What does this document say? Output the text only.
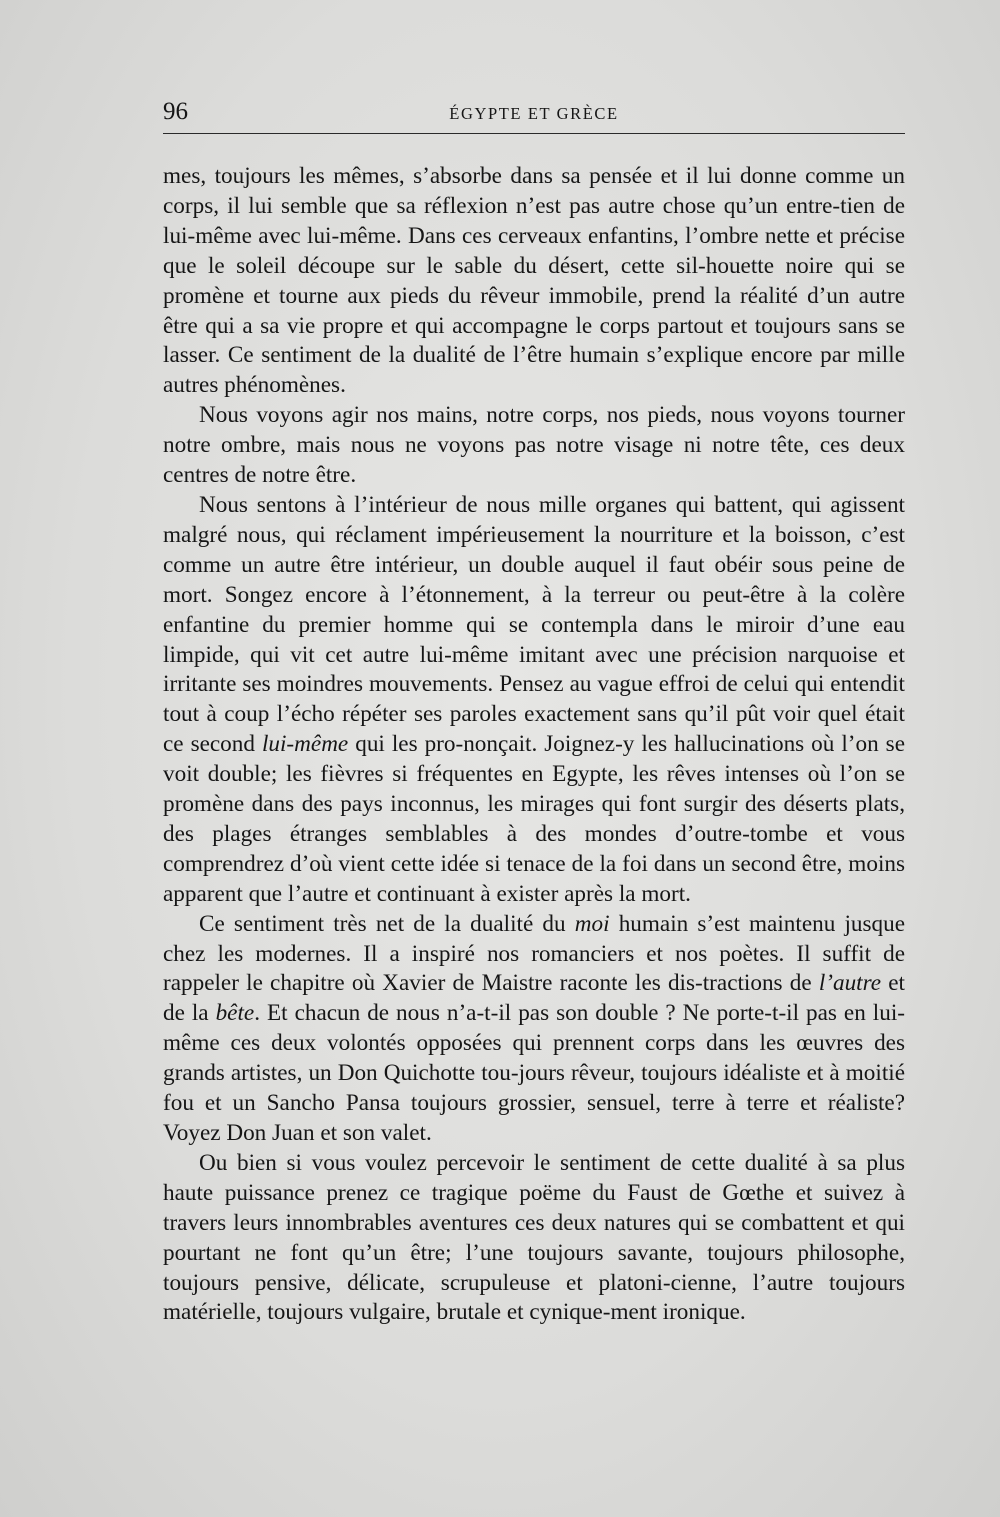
96	ÉGYPTE ET GRÈCE

mes, toujours les mêmes, s’absorbe dans sa pensée et il lui donne comme un corps, il lui semble que sa réflexion n’est pas autre chose qu’un entre-tien de lui-même avec lui-même. Dans ces cerveaux enfantins, l’ombre nette et précise que le soleil découpe sur le sable du désert, cette sil-houette noire qui se promène et tourne aux pieds du rêveur immobile, prend la réalité d’un autre être qui a sa vie propre et qui accompagne le corps partout et toujours sans se lasser. Ce sentiment de la dualité de l’être humain s’explique encore par mille autres phénomènes.

Nous voyons agir nos mains, notre corps, nos pieds, nous voyons tourner notre ombre, mais nous ne voyons pas notre visage ni notre tête, ces deux centres de notre être.

Nous sentons à l’intérieur de nous mille organes qui battent, qui agissent malgré nous, qui réclament impérieusement la nourriture et la boisson, c’est comme un autre être intérieur, un double auquel il faut obéir sous peine de mort. Songez encore à l’étonnement, à la terreur ou peut-être à la colère enfantine du premier homme qui se contempla dans le miroir d’une eau limpide, qui vit cet autre lui-même imitant avec une précision narquoise et irritante ses moindres mouvements. Pensez au vague effroi de celui qui entendit tout à coup l’écho répéter ses paroles exactement sans qu’il pût voir quel était ce second lui-même qui les pro-nonçait. Joignez-y les hallucinations où l’on se voit double; les fièvres si fréquentes en Egypte, les rêves intenses où l’on se promène dans des pays inconnus, les mirages qui font surgir des déserts plats, des plages étranges semblables à des mondes d’outre-tombe et vous comprendrez d’où vient cette idée si tenace de la foi dans un second être, moins apparent que l’autre et continuant à exister après la mort.

Ce sentiment très net de la dualité du moi humain s’est maintenu jusque chez les modernes. Il a inspiré nos romanciers et nos poètes. Il suffit de rappeler le chapitre où Xavier de Maistre raconte les dis-tractions de l’autre et de la bête. Et chacun de nous n’a-t-il pas son double ? Ne porte-t-il pas en lui-même ces deux volontés opposées qui prennent corps dans les œuvres des grands artistes, un Don Quichotte tou-jours rêveur, toujours idéaliste et à moitié fou et un Sancho Pansa toujours grossier, sensuel, terre à terre et réaliste? Voyez Don Juan et son valet.

Ou bien si vous voulez percevoir le sentiment de cette dualité à sa plus haute puissance prenez ce tragique poëme du Faust de Gœthe et suivez à travers leurs innombrables aventures ces deux natures qui se combattent et qui pourtant ne font qu’un être; l’une toujours savante, toujours philosophe, toujours pensive, délicate, scrupuleuse et platoni-cienne, l’autre toujours matérielle, toujours vulgaire, brutale et cynique-ment ironique.
